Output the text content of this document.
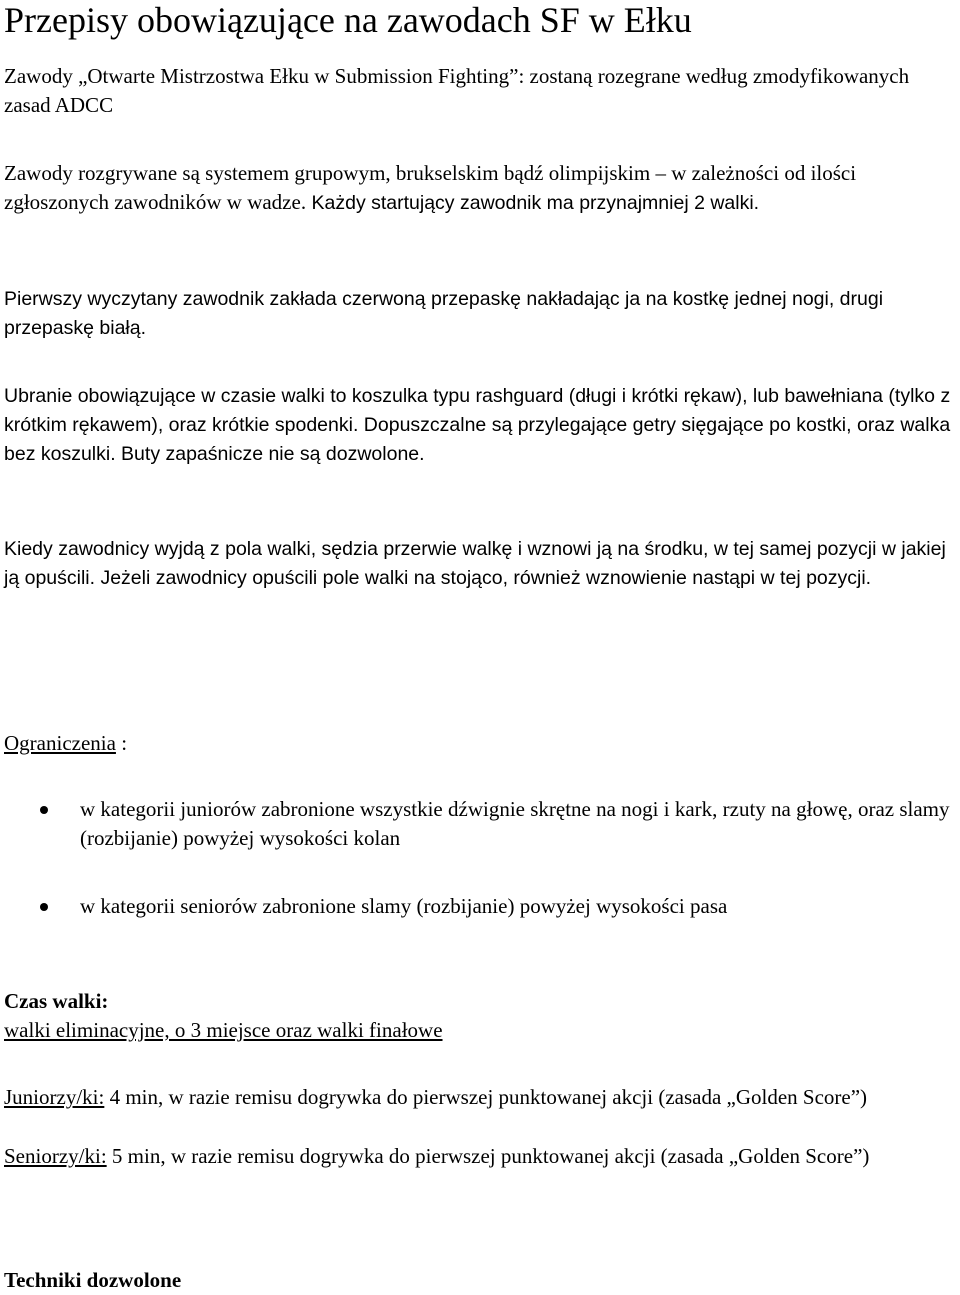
Przepisy obowiązujące na zawodach SF w Ełku

Zawody „Otwarte Mistrzostwa Ełku w Submission Fighting”: zostaną rozegrane według zmodyfikowanych zasad ADCC

Zawody rozgrywane są systemem grupowym, brukselskim bądź olimpijskim – w zależności od ilości zgłoszonych zawodników w wadze. Każdy startujący zawodnik ma przynajmniej 2 walki.

Pierwszy wyczytany zawodnik zakłada czerwoną przepaskę nakładając ja na kostkę jednej nogi, drugi przepaskę białą.

Ubranie obowiązujące w czasie walki to koszulka typu rashguard (długi i krótki rękaw), lub bawełniana (tylko z krótkim rękawem), oraz krótkie spodenki. Dopuszczalne są przylegające getry sięgające po kostki, oraz walka bez koszulki. Buty zapaśnicze nie są dozwolone.

Kiedy zawodnicy wyjdą z pola walki, sędzia przerwie walkę i wznowi ją na środku, w tej samej pozycji w jakiej ją opuścili. Jeżeli zawodnicy opuścili pole walki na stojąco, również wznowienie nastąpi w tej pozycji.

Ograniczenia :

w kategorii juniorów zabronione wszystkie dźwignie skrętne na nogi i kark, rzuty na głowę, oraz slamy (rozbijanie) powyżej wysokości kolan
w kategorii seniorów zabronione slamy (rozbijanie) powyżej wysokości pasa

Czas walki:

walki eliminacyjne, o 3 miejsce oraz walki finałowe

Juniorzy/ki: 4 min, w razie remisu dogrywka do pierwszej punktowanej akcji (zasada „Golden Score”)

Seniorzy/ki: 5 min, w razie remisu dogrywka do pierwszej punktowanej akcji (zasada „Golden Score”)

Techniki dozwolone
